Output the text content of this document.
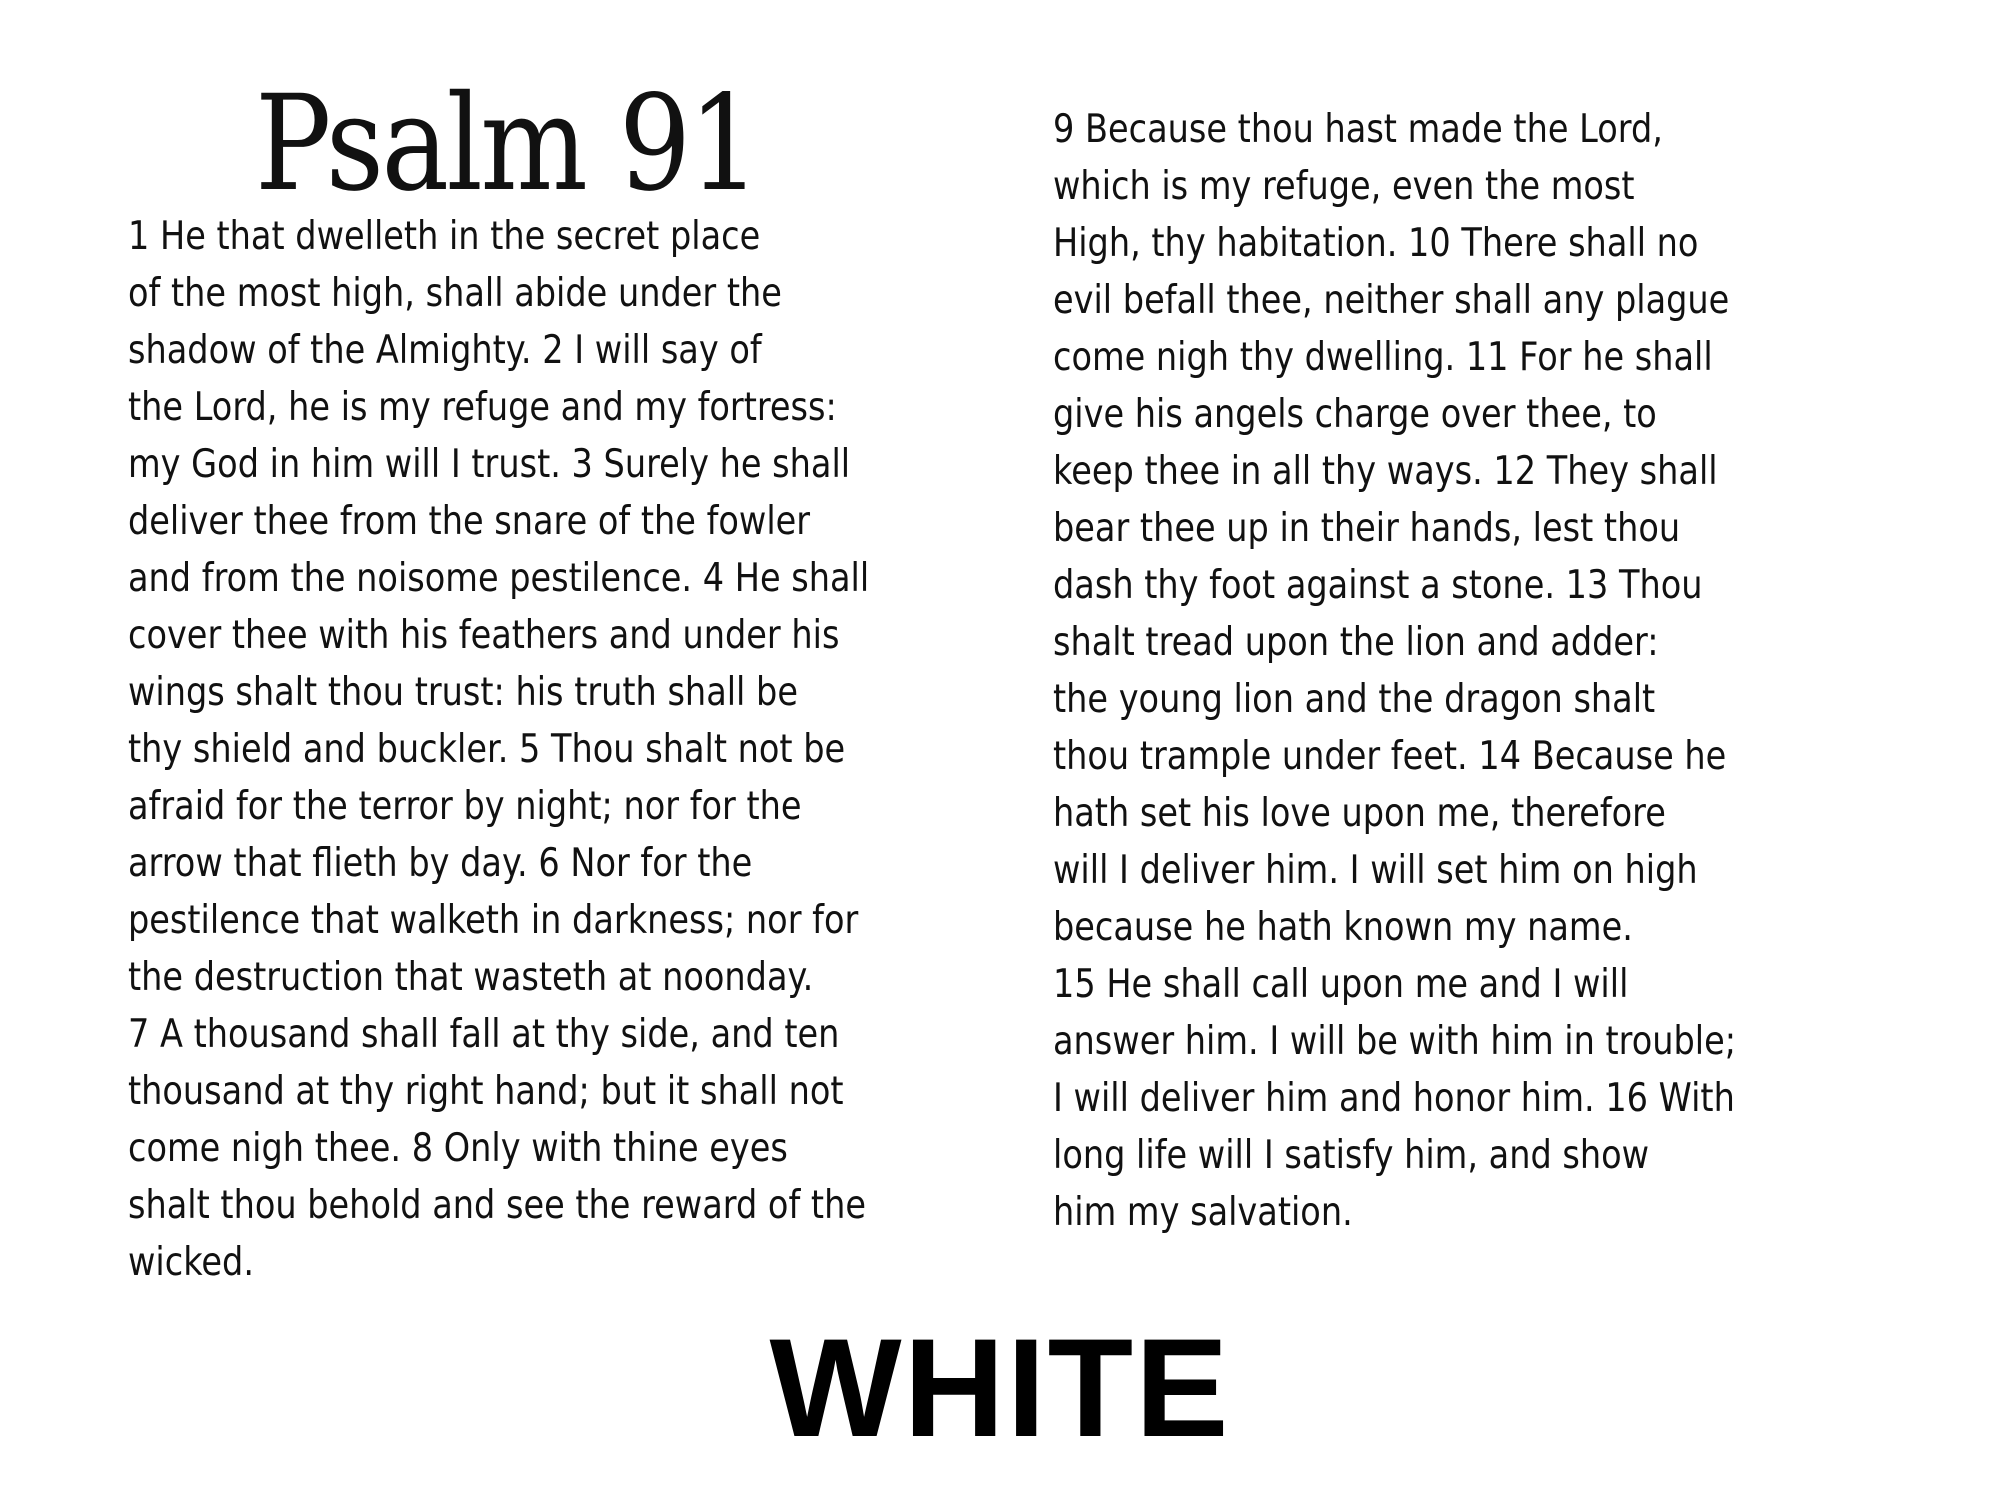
Psalm 91
1 He that dwelleth in the secret place
of the most high, shall abide under the
shadow of the Almighty. 2 I will say of
the Lord, he is my refuge and my fortress:
my God in him will I trust. 3 Surely he shall
deliver thee from the snare of the fowler
and from the noisome pestilence. 4 He shall
cover thee with his feathers and under his
wings shalt thou trust: his truth shall be
thy shield and buckler. 5 Thou shalt not be
afraid for the terror by night; nor for the
arrow that flieth by day. 6 Nor for the
pestilence that walketh in darkness; nor for
the destruction that wasteth at noonday.
7 A thousand shall fall at thy side, and ten
thousand at thy right hand; but it shall not
come nigh thee. 8 Only with thine eyes
shalt thou behold and see the reward of the
wicked.
9 Because thou hast made the Lord,
which is my refuge, even the most
High, thy habitation. 10 There shall no
evil befall thee, neither shall any plague
come nigh thy dwelling. 11 For he shall
give his angels charge over thee, to
keep thee in all thy ways. 12 They shall
bear thee up in their hands, lest thou
dash thy foot against a stone. 13 Thou
shalt tread upon the lion and adder:
the young lion and the dragon shalt
thou trample under feet. 14 Because he
hath set his love upon me, therefore
will I deliver him. I will set him on high
because he hath known my name.
15 He shall call upon me and I will
answer him. I will be with him in trouble;
I will deliver him and honor him. 16 With
long life will I satisfy him, and show
him my salvation.
WHITE
